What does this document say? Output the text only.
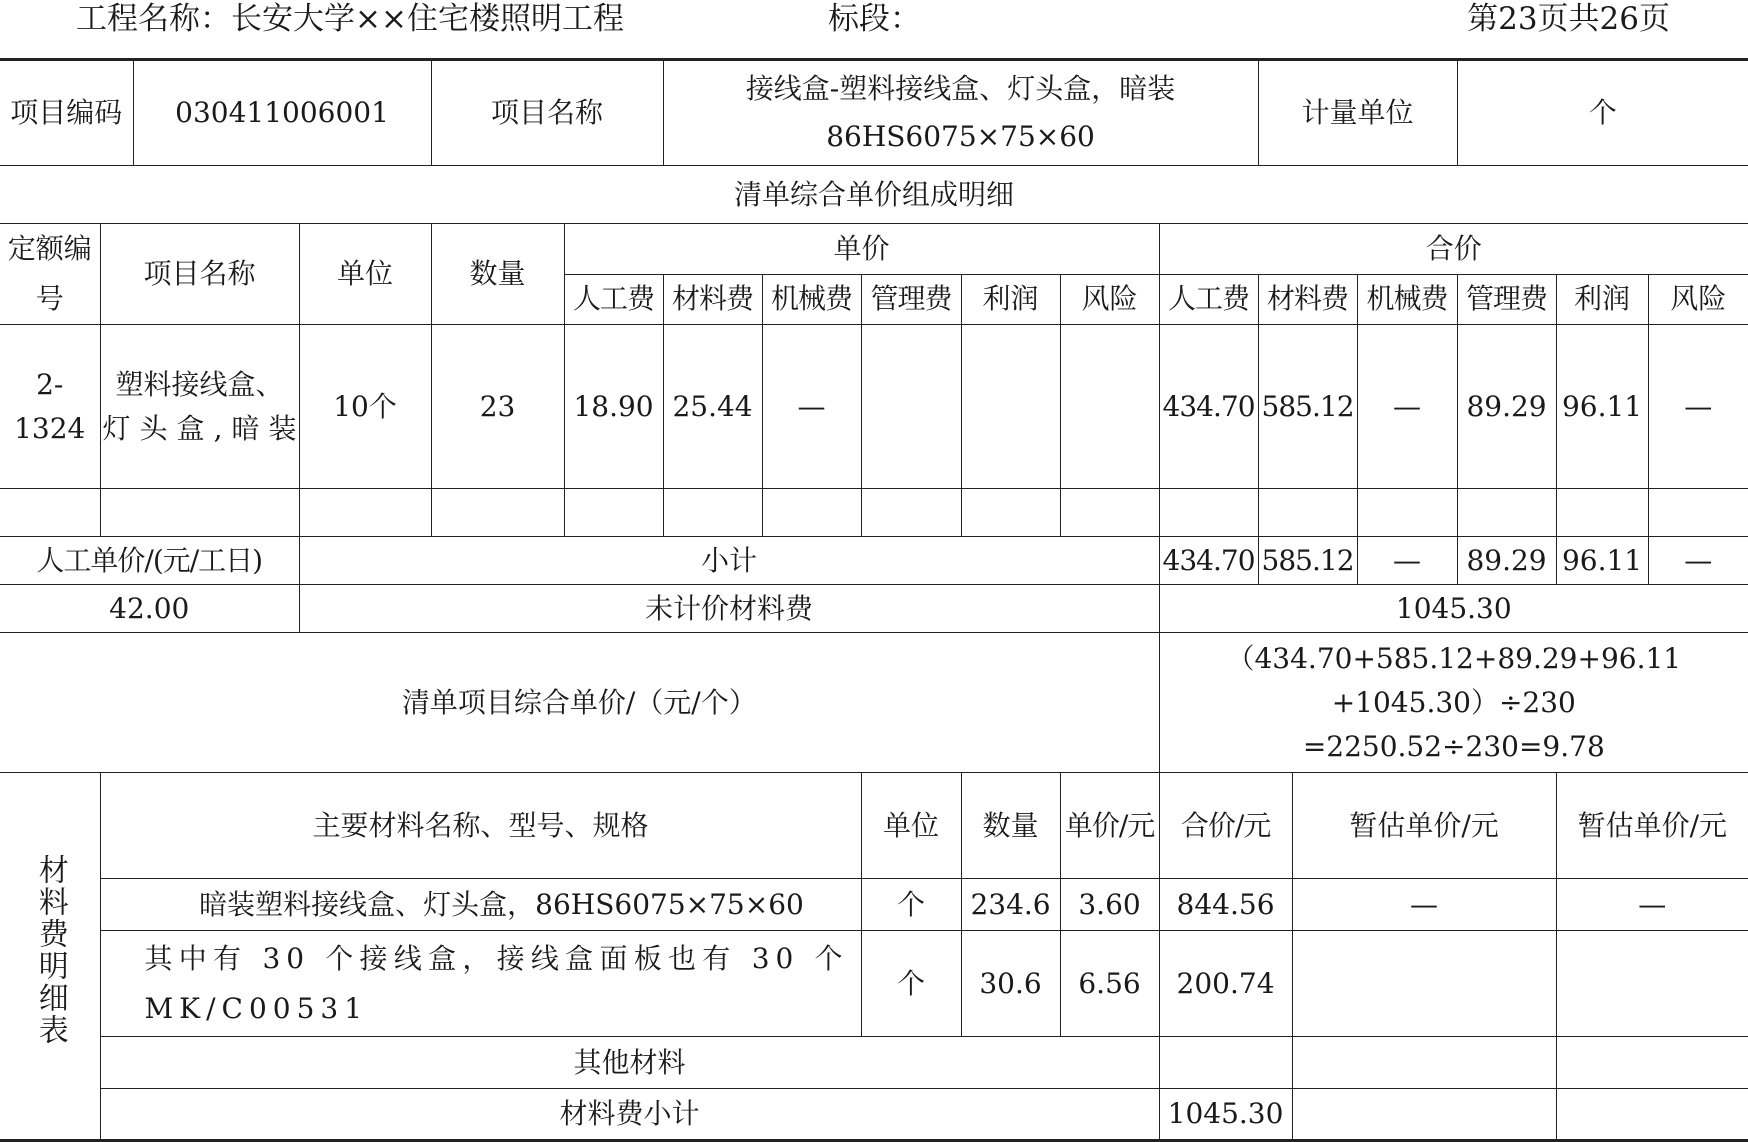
工程名称：长安大学××住宅楼照明工程	标段：	第23页共26页
项目编码		030411006001		项目名称		接线盒-塑料接线盒、灯头盒，暗装 86HS6075×75×60						计量单位			个		
清单综合单价组成明细																	
定额编号	项目名称		单位	数量	单价						合价						
					人工费	材料费	机械费	管理费	利润	风险	人工费	材料费		机械费	管理费	利润	风险
2-1324	塑料接线盒、灯头盒,暗装		10个	23	18.90	25.44	—				434.70	585.12		—	89.29	96.11	—

人工单价/(元/工日)			小计								434.70	585.12		—	89.29	96.11	—
42.00			未计价材料费								1045.30						
清单项目综合单价/（元/个）											（434.70+585.12+89.29+96.11
+1045.30）÷230
=2250.52÷230=9.78						
材料费明细表	主要材料名称、型号、规格							单位	数量	单价/元	合价/元		暂估单价/元			暂估单价/元	
	暗装塑料接线盒、灯头盒，86HS6075×75×60							个	234.6	3.60	844.56		—			—	

	其中有 30 个接线盒，接线盒面板也有 30 个MK/C00531							个	30.6	6.56	200.74						
	其他材料																
	材料费小计										1045.30						
